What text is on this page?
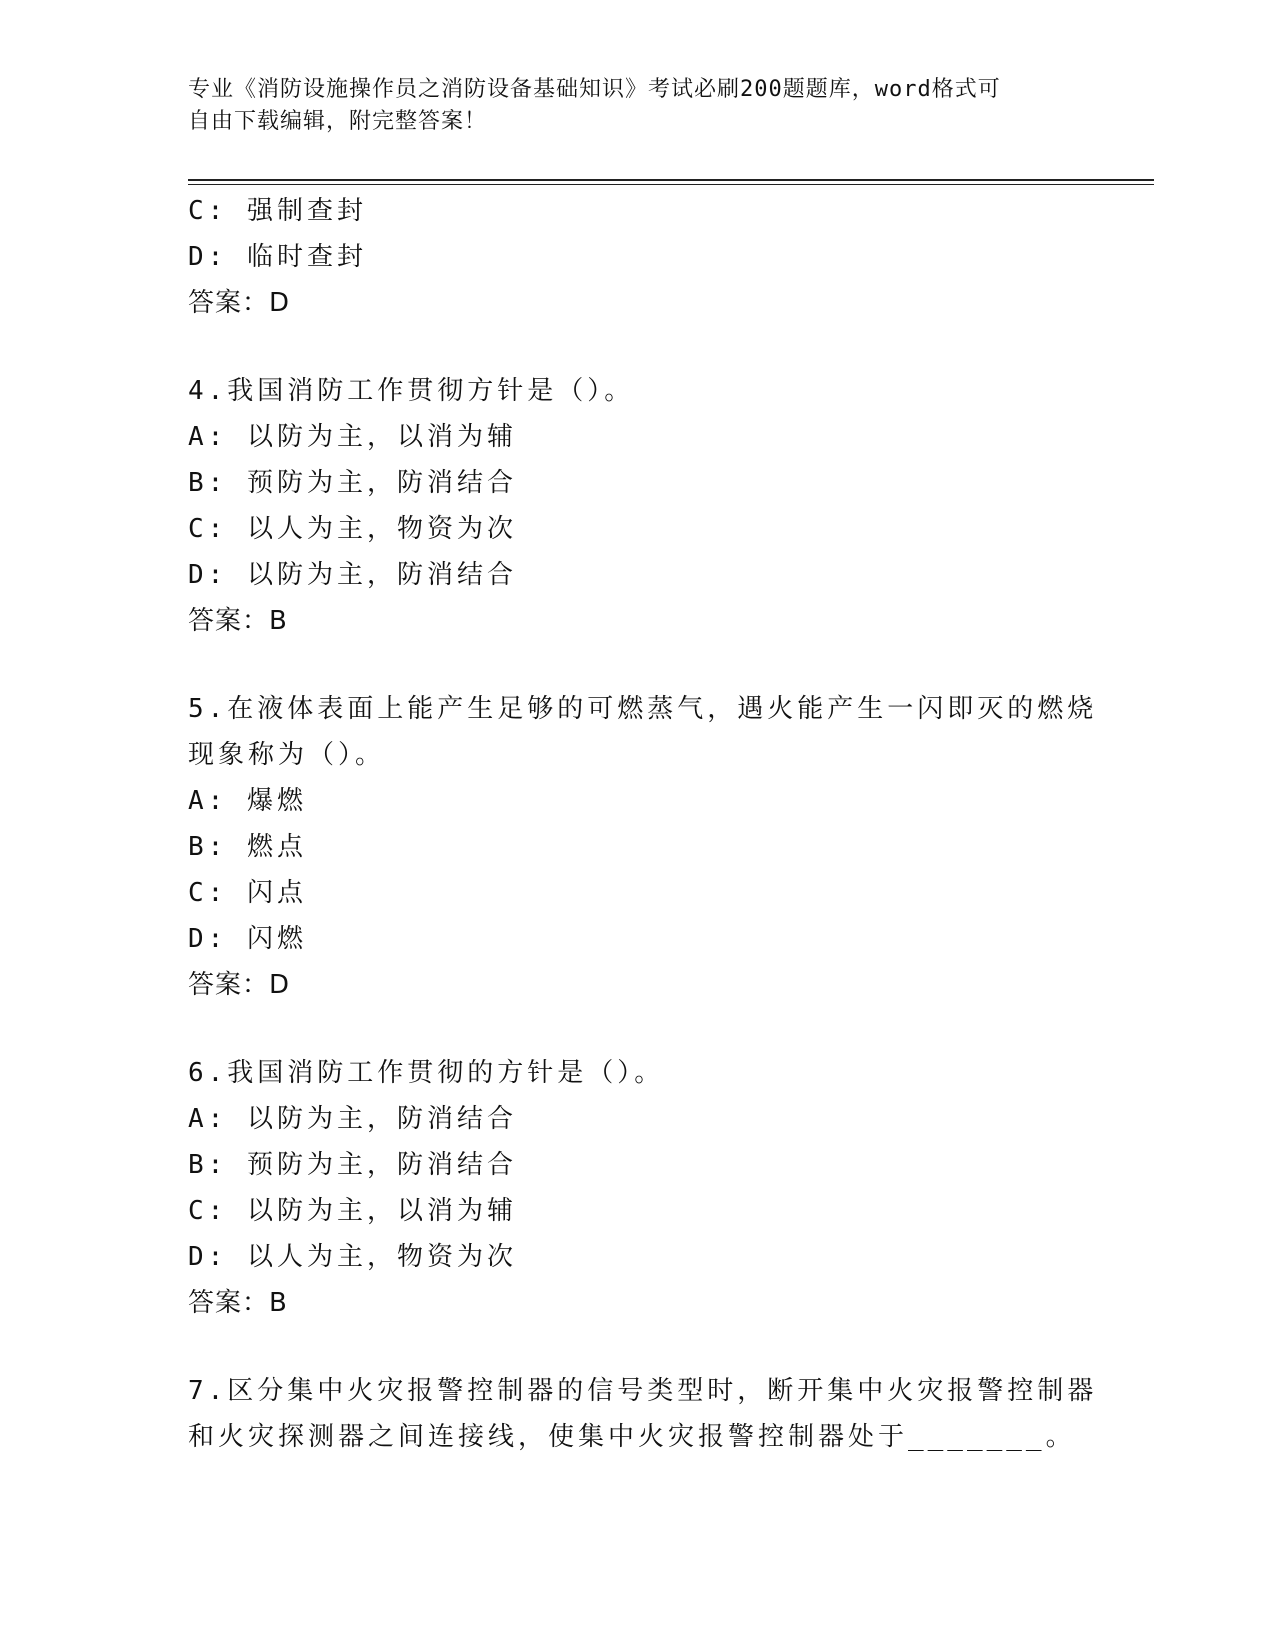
专业《消防设施操作员之消防设备基础知识》考试必刷200题题库，word格式可
自由下载编辑，附完整答案！
C: 强制查封
D: 临时查封
答案：D
4.我国消防工作贯彻方针是（）。
A: 以防为主，以消为辅
B: 预防为主，防消结合
C: 以人为主，物资为次
D: 以防为主，防消结合
答案：B
5.在液体表面上能产生足够的可燃蒸气，遇火能产生一闪即灭的燃烧
现象称为（）。
A: 爆燃
B: 燃点
C: 闪点
D: 闪燃
答案：D
6.我国消防工作贯彻的方针是（）。
A: 以防为主，防消结合
B: 预防为主，防消结合
C: 以防为主，以消为辅
D: 以人为主，物资为次
答案：B
7.区分集中火灾报警控制器的信号类型时，断开集中火灾报警控制器
和火灾探测器之间连接线，使集中火灾报警控制器处于_______。
